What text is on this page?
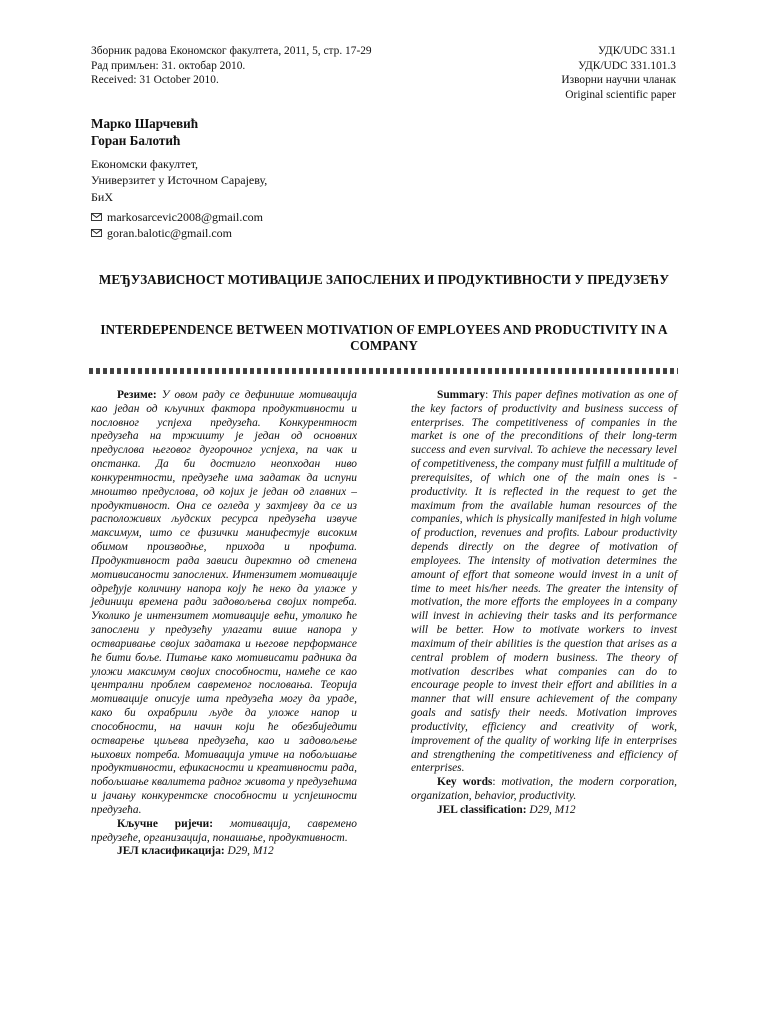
Зборник радова Економског факултета, 2011, 5, стр. 17-29
Рад примљен: 31. октобар 2010.
Received: 31 October 2010.
УДК/UDC 331.1
УДК/UDC 331.101.3
Изворни научни чланак
Original scientific paper
Марко Шарчевић
Горан Балотић
Економски факултет,
Универзитет у Источном Сарајеву,
БиХ
markosarcevic2008@gmail.com
goran.balotic@gmail.com
МЕЂУЗАВИСНОСТ МОТИВАЦИЈЕ ЗАПОСЛЕНИХ И ПРОДУКТИВНОСТИ У ПРЕДУЗЕЋУ
INTERDEPENDENCE BETWEEN MOTIVATION OF EMPLOYEES AND PRODUCTIVITY IN A COMPANY

Резиме: У овом раду се дефинише мотивација као један од кључних фактора продуктивности и пословног успјеха предузећа. Конкурентност предузећа на тржишту је један од основних предуслова његовог дугорочног успјеха, па чак и опстанка. Да би достигло неопходан ниво конкурентности, предузеће има задатак да испуни мноштво предуслова, од којих је један од главних – продуктивност. Она се огледа у захтјеву да се из расположивих људских ресурса предузећа извуче максимум, што се физички манифестује високим обимом производње, прихода и профита. Продуктивност рада зависи директно од степена мотивисаности запослених. Интензитет мотивације одређује количину напора коју ће неко да улаже у јединици времена ради задовољења својих потреба. Уколико је интензитет мотивације већи, утолико ће запослени у предузећу улагати више напора у остваривање својих задатака и његове перформансе ће бити боље. Питање како мотивисати радника да уложи максимум својих способности, намеће се као централни проблем савременог пословања. Теорија мотивације описује шта предузећа могу да ураде, како би охрабрили људе да уложе напор и способности, на начин који ће обезбиједити остварење циљева предузећа, као и задовољење њихових потреба. Мотивација утиче на побољшање продуктивности, ефикасности и креативности рада, побољшање квалитета радног живота у предузећима и јачању конкурентске способности и успјешности предузећа.

Кључне ријечи: мотивација, савремено предузеће, организација, понашање, продуктивност.

ЈЕЛ класификација: D29, M12

Summary: This paper defines motivation as one of the key factors of productivity and business success of enterprises. The competitiveness of companies in the market is one of the preconditions of their long-term success and even survival. To achieve the necessary level of competitiveness, the company must fulfill a multitude of prerequisites, of which one of the main ones is - productivity. It is reflected in the request to get the maximum from the available human resources of the companies, which is physically manifested in high volume of production, revenues and profits. Labour productivity depends directly on the degree of motivation of employees. The intensity of motivation determines the amount of effort that someone would invest in a unit of time to meet his/her needs. The greater the intensity of motivation, the more efforts the employees in a company will invest in achieving their tasks and its performance will be better. How to motivate workers to invest maximum of their abilities is the question that arises as a central problem of modern business. The theory of motivation describes what companies can do to encourage people to invest their effort and abilities in a manner that will ensure achievement of the company goals and satisfy their needs. Motivation improves productivity, efficiency and creativity of work, improvement of the quality of working life in enterprises and strengthening the competitiveness and efficiency of enterprises.

Key words: motivation, the modern corporation, organization, behavior, productivity.

JEL classification: D29, M12
